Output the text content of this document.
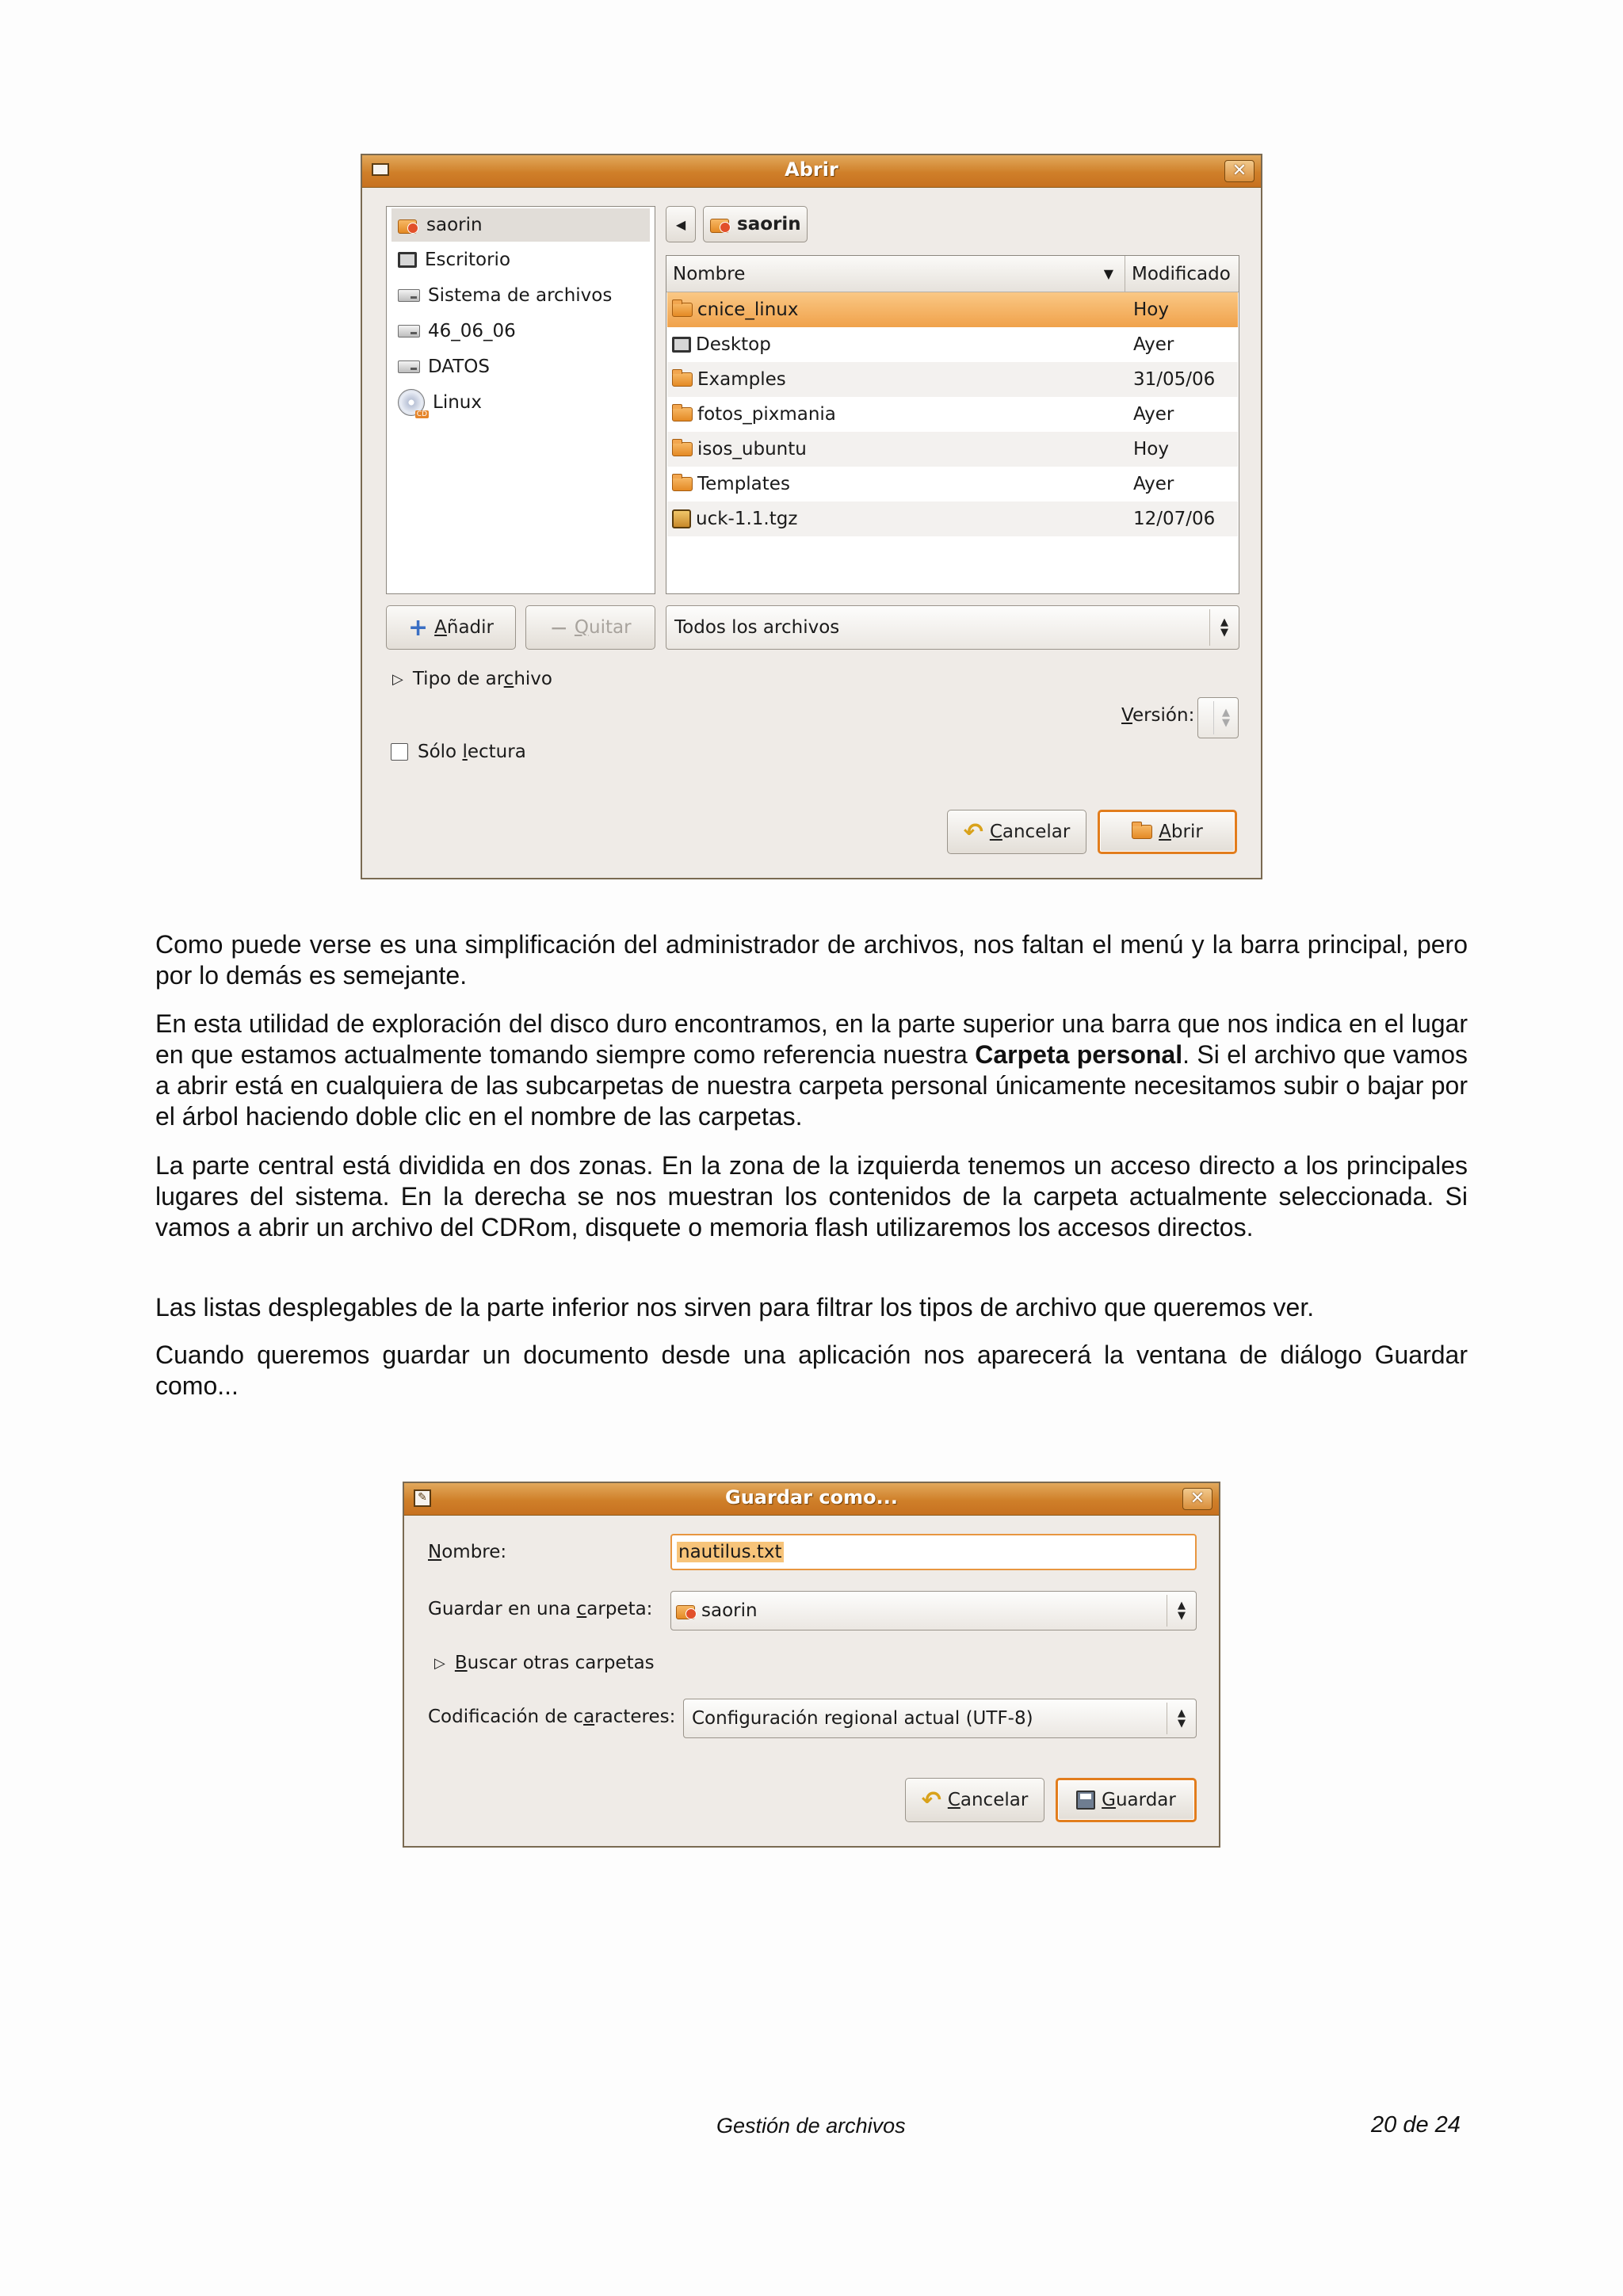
Abrir	✕
saorin
Escritorio
Sistema de archivos
46_06_06
DATOS
CD
Linux
◀	saorin
Nombre	▼ Modificado
cnice_linux	Hoy
Desktop	Ayer
Examples	31/05/06
fotos_pixmania	Ayer
isos_ubuntu	Hoy
Templates	Ayer
uck-1.1.tgz	12/07/06
+ Añadir	− Quitar Todos los archivos	▲
▼
▷ Tipo de archivo
Versión:	▲
▼
Sólo lectura
↶ Cancelar	Abrir

Como puede verse es una simplificación del administrador de archivos, nos faltan el menú y la barra principal, pero por lo demás es semejante.

En esta utilidad de exploración del disco duro encontramos, en la parte superior una barra que nos indica en el lugar en que estamos actualmente tomando siempre como referencia nuestra Carpeta personal. Si el archivo que vamos a abrir está en cualquiera de las subcarpetas de nuestra carpeta personal únicamente necesitamos subir o bajar por el árbol haciendo doble clic en el nombre de las carpetas.

La parte central está dividida en dos zonas. En la zona de la izquierda tenemos un acceso directo a los principales lugares del sistema. En la derecha se nos muestran los contenidos de la carpeta actualmente seleccionada. Si vamos a abrir un archivo del CDRom, disquete o memoria flash utilizaremos los accesos directos.

Las listas desplegables de la parte inferior nos sirven para filtrar los tipos de archivo que queremos ver.

Cuando queremos guardar un documento desde una aplicación nos aparecerá la ventana de diálogo Guardar como...

✎	Guardar como...	✕
Nombre:	nautilus.txt
Guardar en una carpeta:	saorin	▲
▼
▷ Buscar otras carpetas
Codificación de caracteres: Configuración regional actual (UTF-8)	▲
▼
↶ Cancelar	Guardar
Gestión de archivos	20 de 24
